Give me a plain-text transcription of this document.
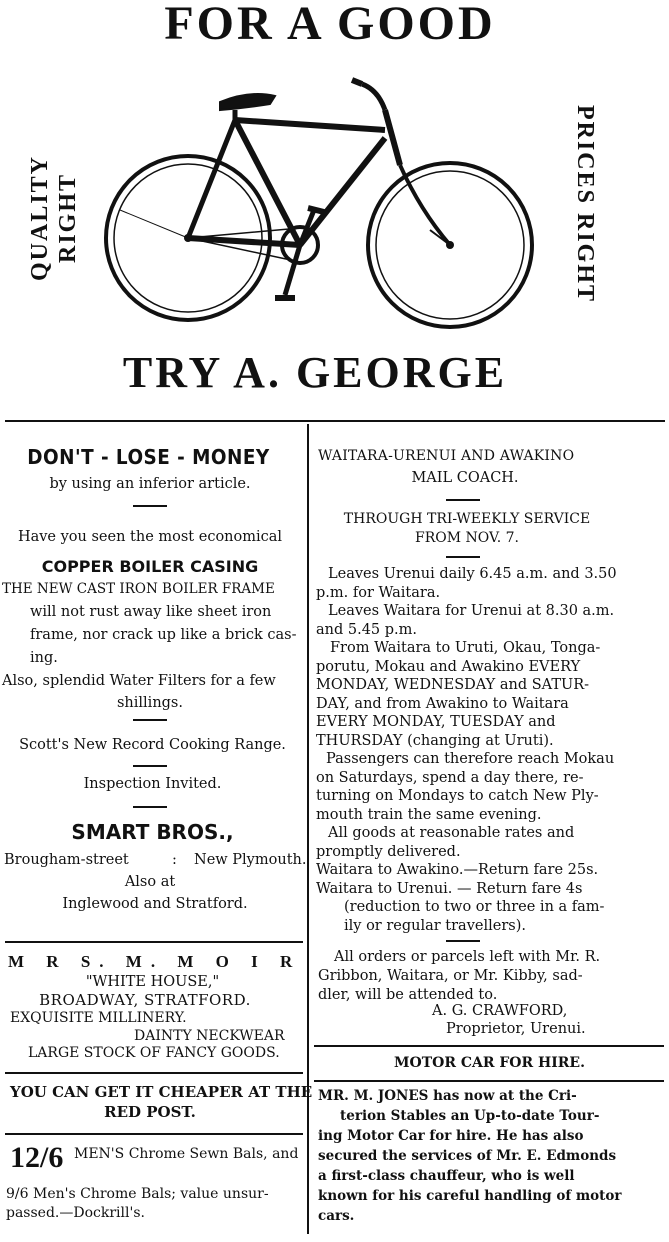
FOR A GOOD
QUALITY RIGHT	PRICES RIGHT
TRY A. GEORGE
DON'T - LOSE - MONEY
by using an inferior article.
Have you seen the most economical
COPPER BOILER CASING
THE NEW CAST IRON BOILER FRAME
will not rust away like sheet iron
frame, nor crack up like a brick cas-
ing.
Also, splendid Water Filters for a few
shillings.
Scott's New Record Cooking Range.
Inspection Invited.
SMART BROS.,
Brougham-street	: New Plymouth.
Also at
Inglewood and Stratford.
M R S. M. M O I R
"WHITE HOUSE,"
BROADWAY, STRATFORD.
EXQUISITE MILLINERY.
DAINTY NECKWEAR
LARGE STOCK OF FANCY GOODS.
YOU CAN GET IT CHEAPER AT THE
RED POST.
12/6 MEN'S Chrome Sewn Bals, and
9/6 Men's Chrome Bals; value unsur-
passed.—Dockrill's.
WAITARA-URENUI AND AWAKINO
MAIL COACH.
THROUGH TRI-WEEKLY SERVICE
FROM NOV. 7.
Leaves Urenui daily 6.45 a.m. and 3.50
p.m. for Waitara.
Leaves Waitara for Urenui at 8.30 a.m.
and 5.45 p.m.
From Waitara to Uruti, Okau, Tonga-
porutu, Mokau and Awakino EVERY
MONDAY, WEDNESDAY and SATUR-
DAY, and from Awakino to Waitara
EVERY MONDAY, TUESDAY and
THURSDAY (changing at Uruti).
Passengers can therefore reach Mokau
on Saturdays, spend a day there, re-
turning on Mondays to catch New Ply-
mouth train the same evening.
All goods at reasonable rates and
promptly delivered.
Waitara to Awakino.—Return fare 25s.
Waitara to Urenui. — Return fare 4s
(reduction to two or three in a fam-
ily or regular travellers).
All orders or parcels left with Mr. R.
Gribbon, Waitara, or Mr. Kibby, sad-
dler, will be attended to.
A. G. CRAWFORD,
Proprietor, Urenui.
MOTOR CAR FOR HIRE.
MR. M. JONES has now at the Cri-
terion Stables an Up-to-date Tour-
ing Motor Car for hire. He has also
secured the services of Mr. E. Edmonds
a first-class chauffeur, who is well
known for his careful handling of motor
cars.
